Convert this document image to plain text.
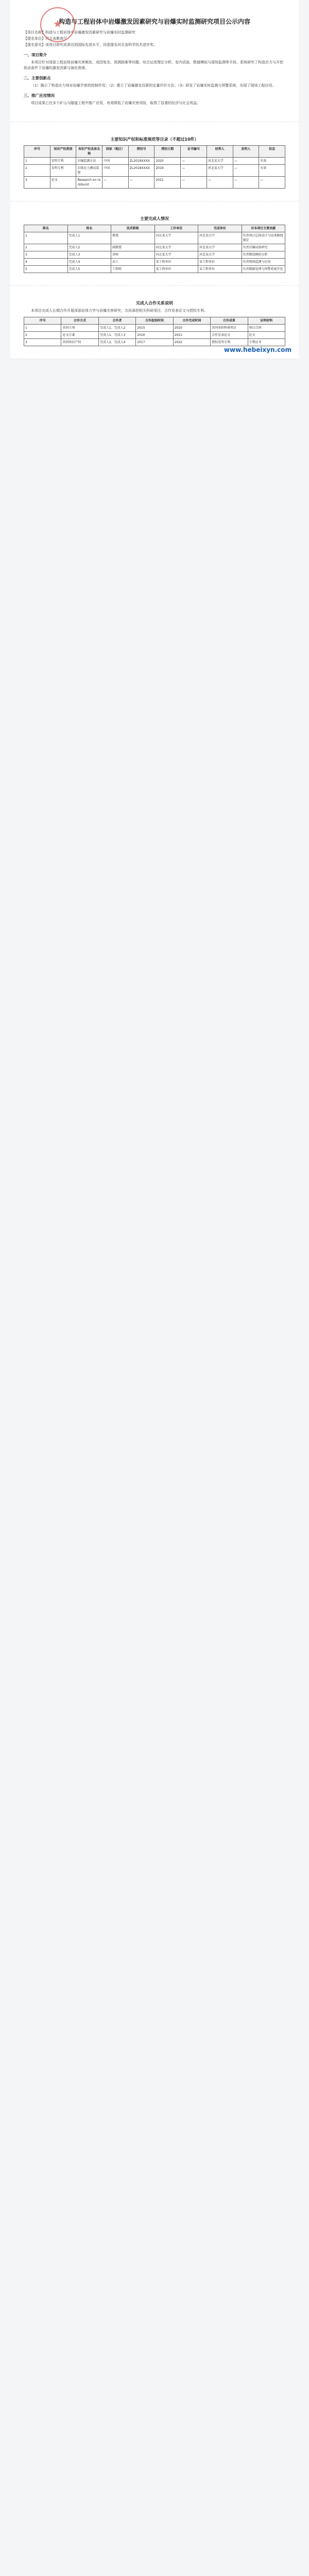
★
构造与工程岩体中岩爆激发因素研究与岩爆实时监测研究项目公示内容
【项目名称】构造与工程岩体中岩爆激发因素研究与岩爆实时监测研究
【提名单位】河北省教育厅
【提名意见】该项目研究成果达到国际先进水平，同意提名河北省科学技术进步奖。
一、项目简介

本项目针对深部工程岩体岩爆灾害频发、成因复杂、预测困难等问题，综合运用理论分析、室内试验、数值模拟与现场监测等手段，系统研究了构造应力与开挖扰动条件下岩爆的激发因素与演化规律。

二、主要创新点

（1）揭示了构造应力场对岩爆孕育的控制作用；（2）建立了岩爆激发因素的定量评价方法；（3）研发了岩爆实时监测与预警系统，实现了现场工程应用。

三、推广应用情况

项目成果已在多个矿山与隧道工程中推广应用，有效降低了岩爆灾害风险，取得了显著的经济与社会效益。

主要知识产权和标准规范等目录（不超过10件）
序号	知识产权类别	知识产权具体名称	国家（地区）	授权号	授权日期	证书编号	权利人	发明人	状态
1	发明专利	岩爆监测方法	中国	ZL2019XXXX	2020	—	河北某大学	—	有效
2	发明专利	岩体应力测试装置	中国	ZL2018XXXX	2019	—	河北某大学	—	有效
3	论文	Research on rockburst	—	—	2021	—	—	—	—
主要完成人情况
排名	姓名	技术职称	工作单位	完成单位	对本项目主要贡献
1	完成人1	教授	河北某大学	河北某大学	负责项目总体设计与技术路线制定
2	完成人2	副教授	河北某大学	河北某大学	负责岩爆试验研究
3	完成人3	讲师	河北某大学	河北某大学	负责数值模拟分析
4	完成人4	高工	某工程单位	某工程单位	负责现场监测与应用
5	完成人5	工程师	某工程单位	某工程单位	负责数据处理与预警系统开发
完成人合作关系说明

本项目完成人长期合作开展深部岩体力学与岩爆灾害研究，共同承担相关科研项目，合作发表论文与授权专利。

序号	合作方式	合作者	合作起始时间	合作完成时间	合作成果	证明材料
1	共同立项	完成人1、完成人2	2015	2020	共同承担科研项目	项目合同
2	论文合著	完成人1、完成人3	2016	2021	合作发表论文	论文
3	共同知识产权	完成人2、完成人4	2017	2022	授权发明专利	专利证书
www.hebeixyn.com
